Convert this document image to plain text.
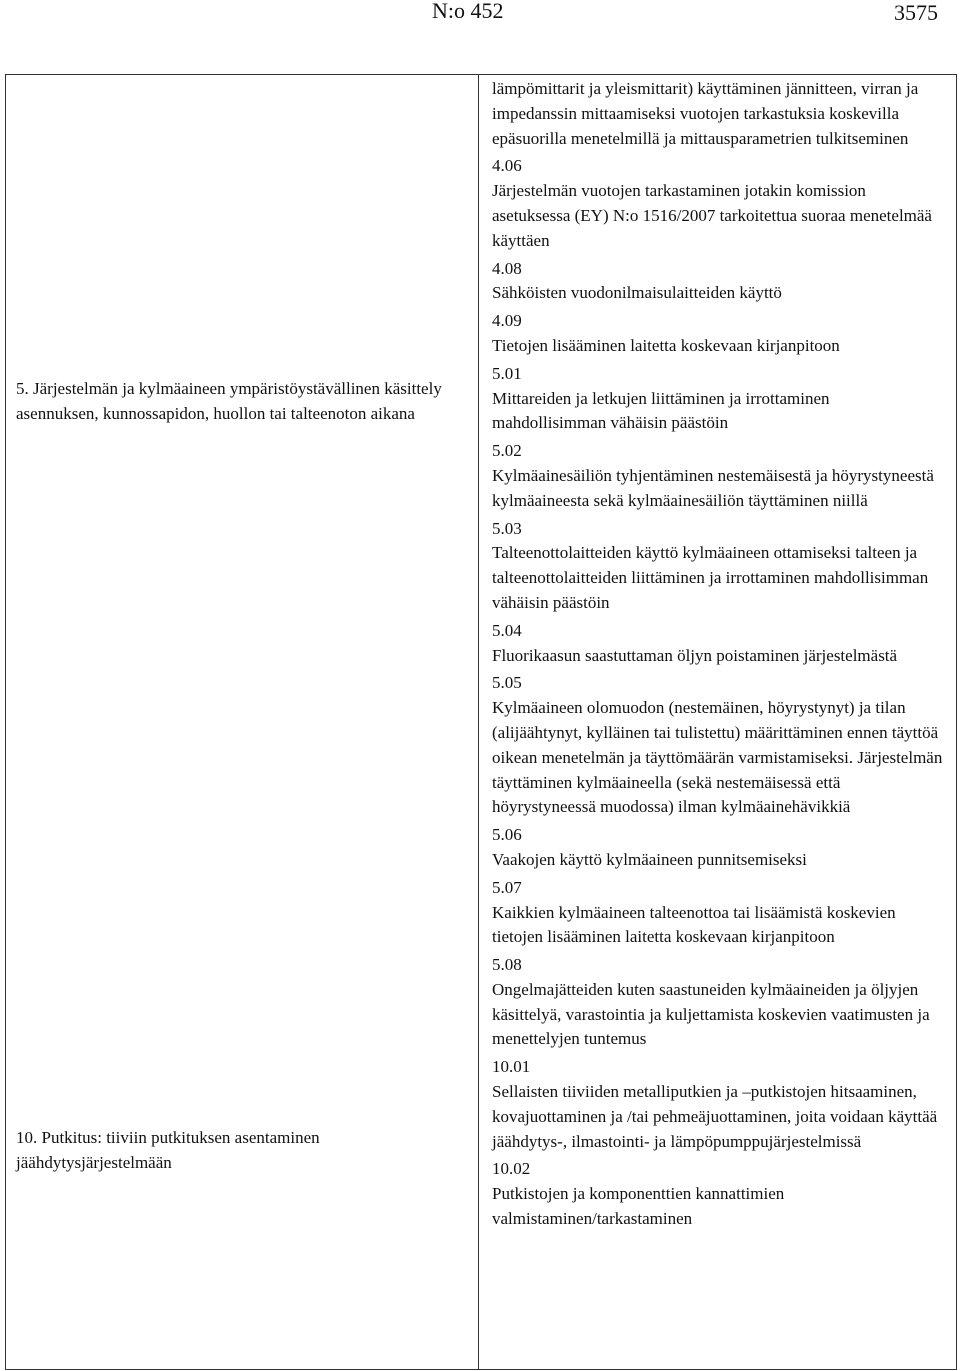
N:o 452	3575
5. Järjestelmän ja kylmäaineen ympäristöystävällinen käsittely asennuksen, kunnossapidon, huollon tai talteenoton aikana
10. Putkitus: tiiviin putkituksen asentaminen jäähdytysjärjestelmään

lämpömittarit ja yleismittarit) käyttäminen jännitteen, virran ja impedanssin mittaamiseksi vuotojen tarkastuksia koskevilla epäsuorilla menetelmillä ja mittausparametrien tulkitseminen

4.06
Järjestelmän vuotojen tarkastaminen jotakin komission asetuksessa (EY) N:o 1516/2007 tarkoitettua suoraa menetelmää käyttäen
4.08
Sähköisten vuodonilmaisulaitteiden käyttö
4.09
Tietojen lisääminen laitetta koskevaan kirjanpitoon
5.01
Mittareiden ja letkujen liittäminen ja irrottaminen mahdollisimman vähäisin päästöin
5.02
Kylmäainesäiliön tyhjentäminen nestemäisestä ja höyrystyneestä kylmäaineesta sekä kylmäainesäiliön täyttäminen niillä
5.03
Talteenottolaitteiden käyttö kylmäaineen ottamiseksi talteen ja talteenottolaitteiden liittäminen ja irrottaminen mahdollisimman vähäisin päästöin
5.04
Fluorikaasun saastuttaman öljyn poistaminen järjestelmästä
5.05
Kylmäaineen olomuodon (nestemäinen, höyrystynyt) ja tilan (alijäähtynyt, kylläinen tai tulistettu) määrittäminen ennen täyttöä oikean menetelmän ja täyttömäärän varmistamiseksi. Järjestelmän täyttäminen kylmäaineella (sekä nestemäisessä että höyrystyneessä muodossa) ilman kylmäainehävikkiä
5.06
Vaakojen käyttö kylmäaineen punnitsemiseksi
5.07
Kaikkien kylmäaineen talteenottoa tai lisäämistä koskevien tietojen lisääminen laitetta koskevaan kirjanpitoon
5.08
Ongelmajätteiden kuten saastuneiden kylmäaineiden ja öljyjen käsittelyä, varastointia ja kuljettamista koskevien vaatimusten ja menettelyjen tuntemus
10.01
Sellaisten tiiviiden metalliputkien ja –putkistojen hitsaaminen, kovajuottaminen ja /tai pehmeäjuottaminen, joita voidaan käyttää jäähdytys-, ilmastointi- ja lämpöpumppujärjestelmissä
10.02
Putkistojen ja komponenttien kannattimien valmistaminen/tarkastaminen
